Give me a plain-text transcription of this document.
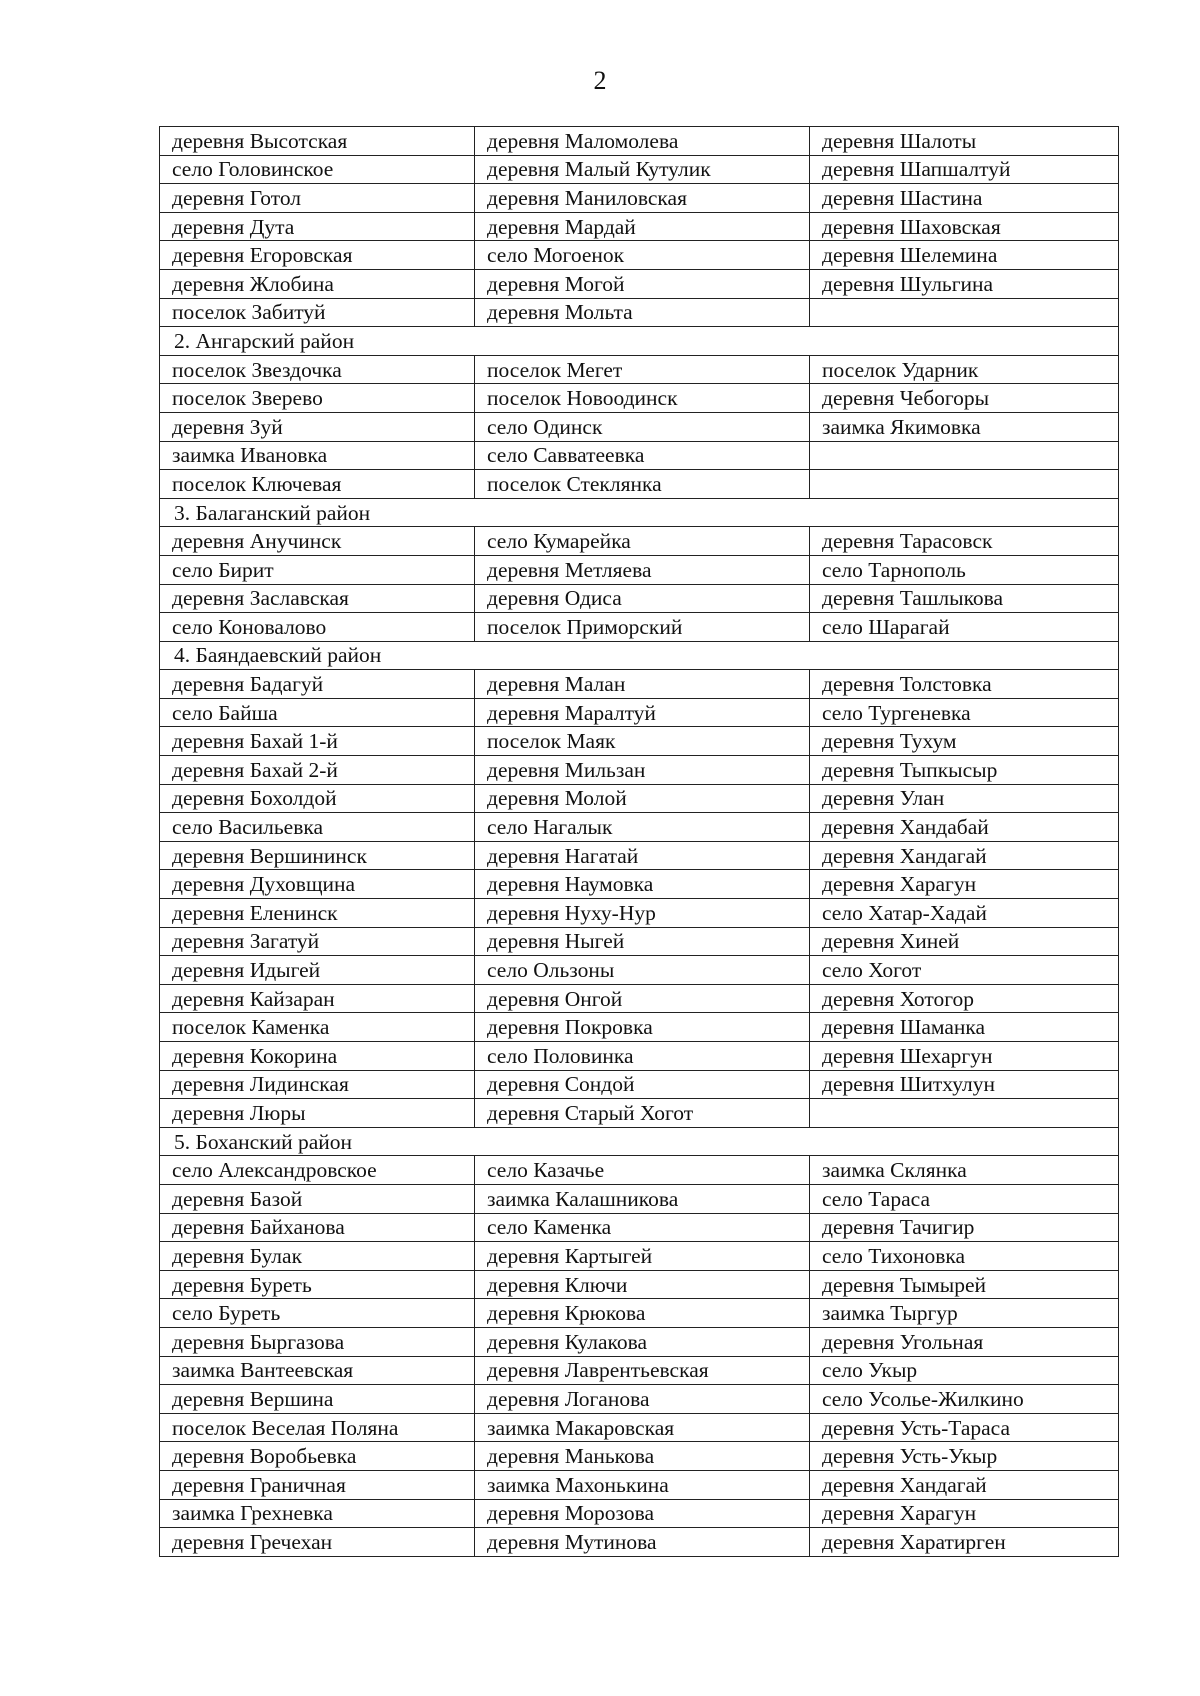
2
деревня Высотская	деревня Маломолева	деревня Шалоты
село Головинское	деревня Малый Кутулик	деревня Шапшалтуй
деревня Готол	деревня Маниловская	деревня Шастина
деревня Дута	деревня Мардай	деревня Шаховская
деревня Егоровская	село Могоенок	деревня Шелемина
деревня Жлобина	деревня Могой	деревня Шульгина
поселок Забитуй	деревня Мольта	
2. Ангарский район		
поселок Звездочка	поселок Мегет	поселок Ударник
поселок Зверево	поселок Новоодинск	деревня Чебогоры
деревня Зуй	село Одинск	заимка Якимовка
заимка Ивановка	село Савватеевка	
поселок Ключевая	поселок Стеклянка	
3. Балаганский район		
деревня Анучинск	село Кумарейка	деревня Тарасовск
село Бирит	деревня Метляева	село Тарнополь
деревня Заславская	деревня Одиса	деревня Ташлыкова
село Коновалово	поселок Приморский	село Шарагай
4. Баяндаевский район		
деревня Бадагуй	деревня Малан	деревня Толстовка
село Байша	деревня Маралтуй	село Тургеневка
деревня Бахай 1-й	поселок Маяк	деревня Тухум
деревня Бахай 2-й	деревня Мильзан	деревня Тыпкысыр
деревня Бохолдой	деревня Молой	деревня Улан
село Васильевка	село Нагалык	деревня Хандабай
деревня Вершининск	деревня Нагатай	деревня Хандагай
деревня Духовщина	деревня Наумовка	деревня Харагун
деревня Еленинск	деревня Нуху-Нур	село Хатар-Хадай
деревня Загатуй	деревня Ныгей	деревня Хиней
деревня Идыгей	село Ользоны	село Хогот
деревня Кайзаран	деревня Онгой	деревня Хотогор
поселок Каменка	деревня Покровка	деревня Шаманка
деревня Кокорина	село Половинка	деревня Шехаргун
деревня Лидинская	деревня Сондой	деревня Шитхулун
деревня Люры	деревня Старый Хогот	
5. Боханский район		
село Александровское	село Казачье	заимка Склянка
деревня Базой	заимка Калашникова	село Тараса
деревня Байханова	село Каменка	деревня Тачигир
деревня Булак	деревня Картыгей	село Тихоновка
деревня Буреть	деревня Ключи	деревня Тымырей
село Буреть	деревня Крюкова	заимка Тыргур
деревня Быргазова	деревня Кулакова	деревня Угольная
заимка Вантеевская	деревня Лаврентьевская	село Укыр
деревня Вершина	деревня Логанова	село Усолье-Жилкино
поселок Веселая Поляна	заимка Макаровская	деревня Усть-Тараса
деревня Воробьевка	деревня Манькова	деревня Усть-Укыр
деревня Граничная	заимка Махонькина	деревня Хандагай
заимка Грехневка	деревня Морозова	деревня Харагун
деревня Гречехан	деревня Мутинова	деревня Харатирген
